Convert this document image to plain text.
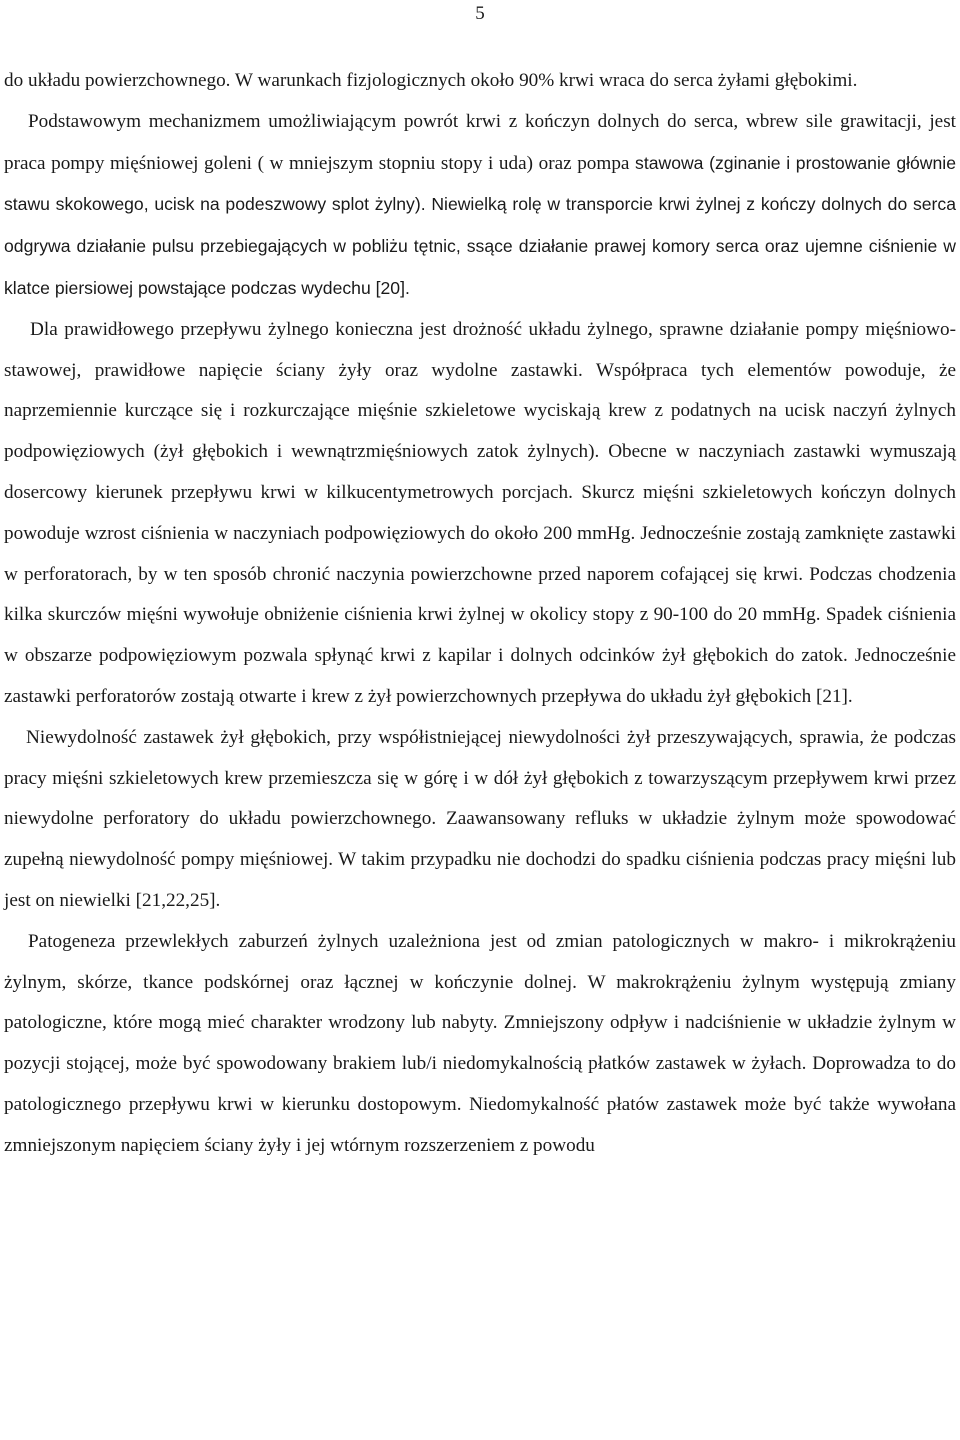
5

do układu powierzchownego. W warunkach fizjologicznych około 90% krwi wraca do serca żyłami głębokimi.

Podstawowym mechanizmem umożliwiającym powrót krwi z kończyn dolnych do serca, wbrew sile grawitacji, jest praca pompy mięśniowej goleni ( w mniejszym stopniu stopy i uda) oraz pompa stawowa (zginanie i prostowanie głównie stawu skokowego, ucisk na podeszwowy splot żylny). Niewielką rolę w transporcie krwi żylnej z kończy dolnych do serca odgrywa działanie pulsu przebiegających w pobliżu tętnic, ssące działanie prawej komory serca oraz ujemne ciśnienie w klatce piersiowej powstające podczas wydechu [20].

Dla prawidłowego przepływu żylnego konieczna jest drożność układu żylnego, sprawne działanie pompy mięśniowo-stawowej, prawidłowe napięcie ściany żyły oraz wydolne zastawki. Współpraca tych elementów powoduje, że naprzemiennie kurczące się i rozkurczające mięśnie szkieletowe wyciskają krew z podatnych na ucisk naczyń żylnych podpowięziowych (żył głębokich i wewnątrzmięśniowych zatok żylnych). Obecne w naczyniach zastawki wymuszają dosercowy kierunek przepływu krwi w kilkucentymetrowych porcjach. Skurcz mięśni szkieletowych kończyn dolnych powoduje wzrost ciśnienia w naczyniach podpowięziowych do około 200 mmHg. Jednocześnie zostają zamknięte zastawki w perforatorach, by w ten sposób chronić naczynia powierzchowne przed naporem cofającej się krwi. Podczas chodzenia kilka skurczów mięśni wywołuje obniżenie ciśnienia krwi żylnej w okolicy stopy z 90-100 do 20 mmHg. Spadek ciśnienia w obszarze podpowięziowym pozwala spłynąć krwi z kapilar i dolnych odcinków żył głębokich do zatok. Jednocześnie zastawki perforatorów zostają otwarte i krew z żył powierzchownych przepływa do układu żył głębokich [21].

Niewydolność zastawek żył głębokich, przy współistniejącej niewydolności żył przeszywających, sprawia, że podczas pracy mięśni szkieletowych krew przemieszcza się w górę i w dół żył głębokich z towarzyszącym przepływem krwi przez niewydolne perforatory do układu powierzchownego. Zaawansowany refluks w układzie żylnym może spowodować zupełną niewydolność pompy mięśniowej. W takim przypadku nie dochodzi do spadku ciśnienia podczas pracy mięśni lub jest on niewielki [21,22,25].

Patogeneza przewlekłych zaburzeń żylnych uzależniona jest od zmian patologicznych w makro- i mikrokrążeniu żylnym, skórze, tkance podskórnej oraz łącznej w kończynie dolnej. W makrokrążeniu żylnym występują zmiany patologiczne, które mogą mieć charakter wrodzony lub nabyty. Zmniejszony odpływ i nadciśnienie w układzie żylnym w pozycji stojącej, może być spowodowany brakiem lub/i niedomykalnością płatków zastawek w żyłach. Doprowadza to do patologicznego przepływu krwi w kierunku dostopowym. Niedomykalność płatów zastawek może być także wywołana zmniejszonym napięciem ściany żyły i jej wtórnym rozszerzeniem z powodu
